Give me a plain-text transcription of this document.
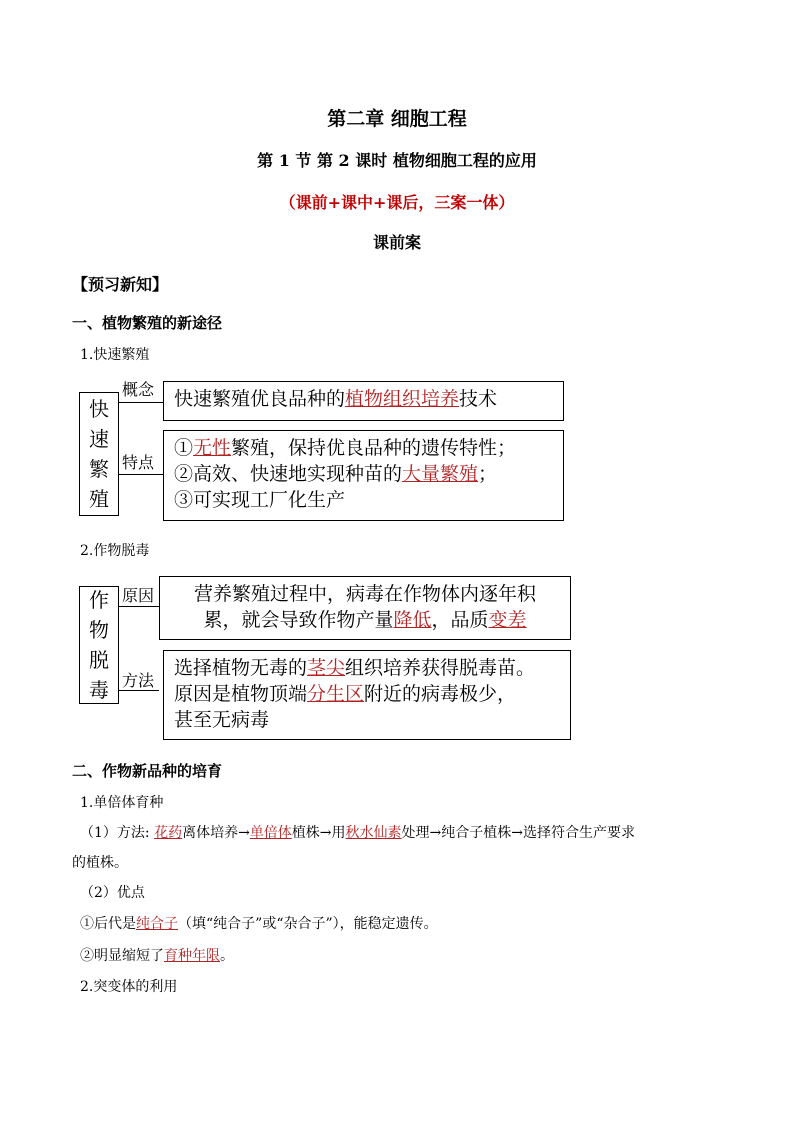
第二章 细胞工程
第 1 节 第 2 课时 植物细胞工程的应用
（课前+课中+课后，三案一体）
课前案
【预习新知】
一、植物繁殖的新途径
1.快速繁殖
快
速
繁
殖
概念
特点
快速繁殖优良品种的植物组织培养技术
①无性繁殖，保持优良品种的遗传特性；
②高效、快速地实现种苗的大量繁殖；
③可实现工厂化生产
2.作物脱毒
作
物
脱
毒
原因
方法
营养繁殖过程中，病毒在作物体内逐年积
累，就会导致作物产量降低，品质变差
选择植物无毒的茎尖组织培养获得脱毒苗。
原因是植物顶端分生区附近的病毒极少，
甚至无病毒
二、作物新品种的培育
1.单倍体育种
（1）方法: 花药离体培养→单倍体植株→用秋水仙素处理→纯合子植株→选择符合生产要求
的植株。
（2）优点
①后代是纯合子（填“纯合子”或“杂合子”），能稳定遗传。
②明显缩短了育种年限。
2.突变体的利用
